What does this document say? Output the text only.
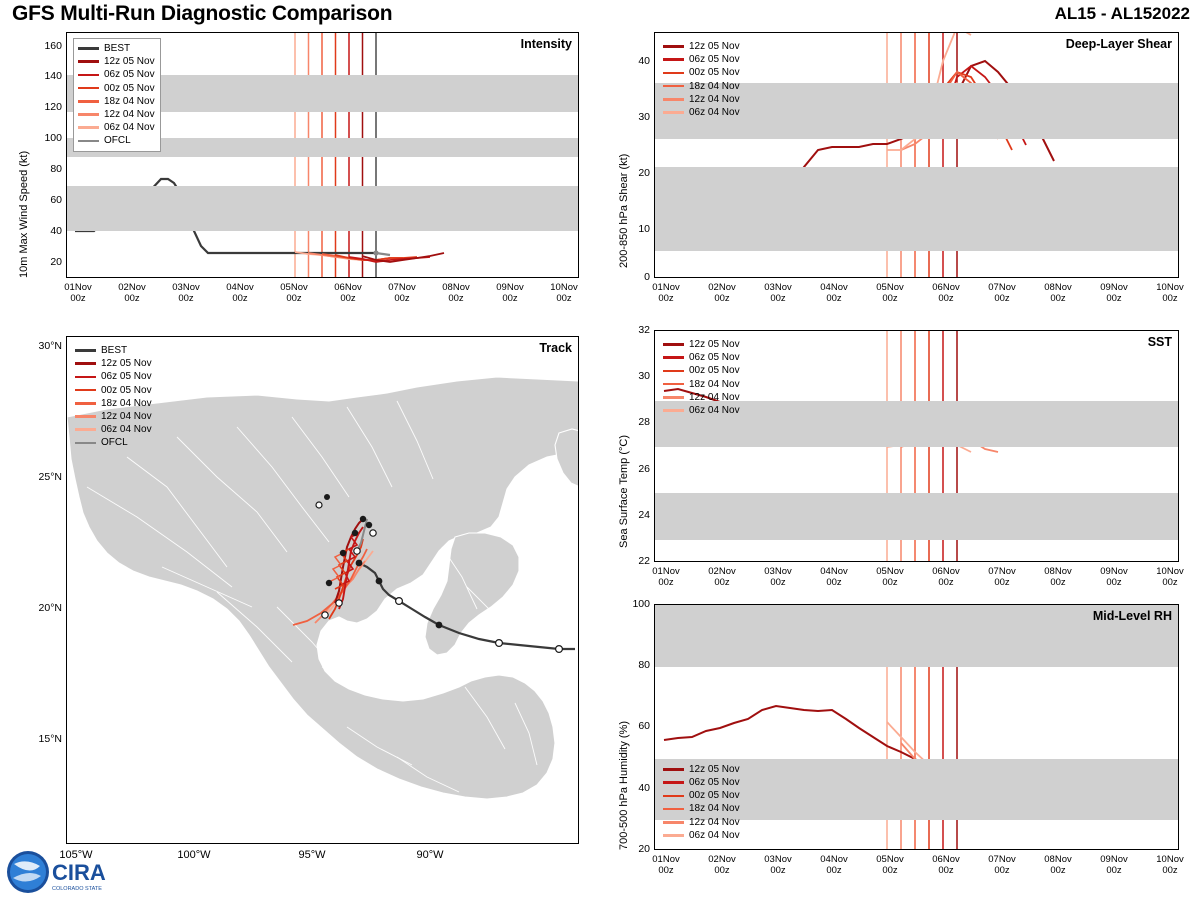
GFS Multi-Run Diagnostic Comparison	AL15 - AL152022
10m Max Wind Speed (kt)
Intensity
BEST
12z 05 Nov
06z 05 Nov
00z 05 Nov
18z 04 Nov
12z 04 Nov
06z 04 Nov
OFCL
160
140
120
100
80
60
40
20
01Nov
00z
02Nov
00z
03Nov
00z
04Nov
00z
05Nov
00z
06Nov
00z
07Nov
00z
08Nov
00z
09Nov
00z
10Nov
00z
Track
BEST
12z 05 Nov
06z 05 Nov
00z 05 Nov
18z 04 Nov
12z 04 Nov
06z 04 Nov
OFCL
30°N
25°N
20°N
15°N
105°W	100°W	95°W	90°W
200-850 hPa Shear (kt)
Deep-Layer Shear
12z 05 Nov
06z 05 Nov
00z 05 Nov
18z 04 Nov
12z 04 Nov
06z 04 Nov
40
30
20
10
0
01Nov
00z
02Nov
00z
03Nov
00z
04Nov
00z
05Nov
00z
06Nov
00z
07Nov
00z
08Nov
00z
09Nov
00z
10Nov
00z
Sea Surface Temp (°C)
SST
12z 05 Nov
06z 05 Nov
00z 05 Nov
18z 04 Nov
12z 04 Nov
06z 04 Nov
32
30
28
26
24
22
01Nov
00z
02Nov
00z
03Nov
00z
04Nov
00z
05Nov
00z
06Nov
00z
07Nov
00z
08Nov
00z
09Nov
00z
10Nov
00z
700-500 hPa Humidity (%)
Mid-Level RH
12z 05 Nov
06z 05 Nov
00z 05 Nov
18z 04 Nov
12z 04 Nov
06z 04 Nov
100
80
60
40
20
01Nov
00z
02Nov
00z
03Nov
00z
04Nov
00z
05Nov
00z
06Nov
00z
07Nov
00z
08Nov
00z
09Nov
00z
10Nov
00z
CIRA
COLORADO STATE
